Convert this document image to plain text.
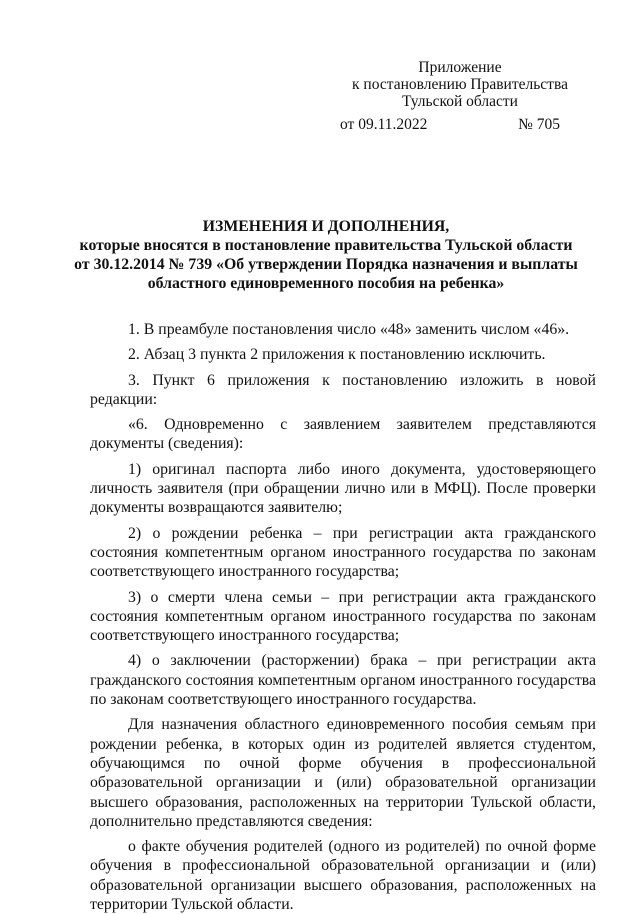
Приложение
к постановлению Правительства
Тульской области
от 09.11.2022	№ 705
ИЗМЕНЕНИЯ И ДОПОЛНЕНИЯ,
которые вносятся в постановление правительства Тульской области
от 30.12.2014 № 739 «Об утверждении Порядка назначения и выплаты
областного единовременного пособия на ребенка»

1. В преамбуле постановления число «48» заменить числом «46».

2. Абзац 3 пункта 2 приложения к постановлению исключить.

3. Пункт 6 приложения к постановлению изложить в новой редакции:

«6. Одновременно с заявлением заявителем представляются документы (сведения):

1) оригинал паспорта либо иного документа, удостоверяющего личность заявителя (при обращении лично или в МФЦ). После проверки документы возвращаются заявителю;

2) о рождении ребенка – при регистрации акта гражданского состояния компетентным органом иностранного государства по законам соответствующего иностранного государства;

3) о смерти члена семьи – при регистрации акта гражданского состояния компетентным органом иностранного государства по законам соответствующего иностранного государства;

4) о заключении (расторжении) брака – при регистрации акта гражданского состояния компетентным органом иностранного государства по законам соответствующего иностранного государства.

Для назначения областного единовременного пособия семьям при рождении ребенка, в которых один из родителей является студентом, обучающимся по очной форме обучения в профессиональной образовательной организации и (или) образовательной организации высшего образования, расположенных на территории Тульской области, дополнительно представляются сведения:

о факте обучения родителей (одного из родителей) по очной форме обучения в профессиональной образовательной организации и (или) образовательной организации высшего образования, расположенных на территории Тульской области.
